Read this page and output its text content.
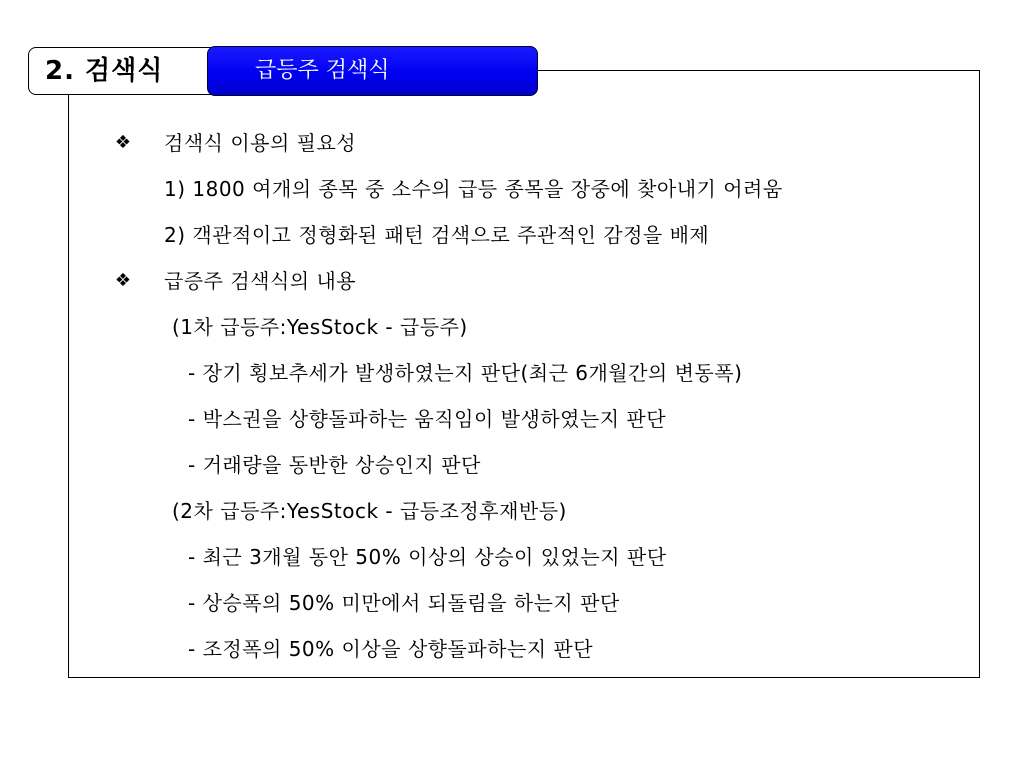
2. 검색식	급등주 검색식
❖ 검색식 이용의 필요성
1) 1800 여개의 종목 중 소수의 급등 종목을 장중에 찾아내기 어려움
2) 객관적이고 정형화된 패턴 검색으로 주관적인 감정을 배제
❖ 급증주 검색식의 내용
(1차 급등주:YesStock - 급등주)
- 장기 횡보추세가 발생하였는지 판단(최근 6개월간의 변동폭)
- 박스권을 상향돌파하는 움직임이 발생하였는지 판단
- 거래량을 동반한 상승인지 판단
(2차 급등주:YesStock - 급등조정후재반등)
- 최근 3개월 동안 50% 이상의 상승이 있었는지 판단
- 상승폭의 50% 미만에서 되돌림을 하는지 판단
- 조정폭의 50% 이상을 상향돌파하는지 판단
